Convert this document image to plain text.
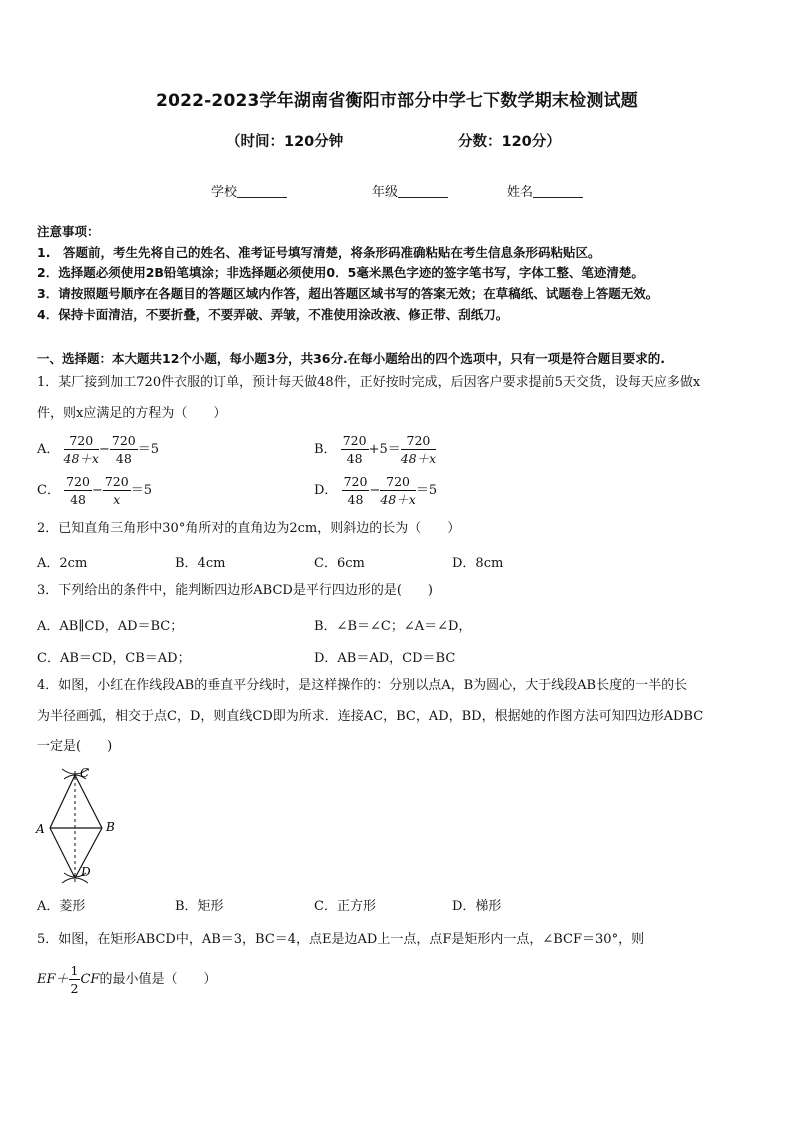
2022-2023学年湖南省衡阳市部分中学七下数学期末检测试题
（时间：120分钟	分数：120分）
学校	年级	姓名
注意事项：
1.　答题前，考生先将自己的姓名、准考证号填写清楚，将条形码准确粘贴在考生信息条形码粘贴区。
2．选择题必须使用2B铅笔填涂；非选择题必须使用0．5毫米黑色字迹的签字笔书写，字体工整、笔迹清楚。
3．请按照题号顺序在各题目的答题区域内作答，超出答题区域书写的答案无效；在草稿纸、试题卷上答题无效。
4．保持卡面清洁，不要折叠，不要弄破、弄皱，不准使用涂改液、修正带、刮纸刀。
一、选择题：本大题共12个小题，每小题3分，共36分.在每小题给出的四个选项中，只有一项是符合题目要求的.
1．某厂接到加工720件衣服的订单，预计每天做48件，正好按时完成，后因客户要求提前5天交货，设每天应多做x
件，则x应满足的方程为（　　）
A． $\frac{720}{48+x} - \frac{720}{48} =5$	B． $\frac{720}{48} +5= \frac{720}{48+x}$
C． $\frac{720}{48} - \frac{720}{x} =5$	D． $\frac{720}{48} - \frac{720}{48+x} =5$
2．已知直角三角形中30°角所对的直角边为2cm，则斜边的长为（　　）
A．2cm	B．4cm	C．6cm	D．8cm
3．下列给出的条件中，能判断四边形ABCD是平行四边形的是(　　)
A．AB∥CD，AD＝BC；	B．∠B＝∠C；∠A＝∠D，
C．AB＝CD，CB＝AD；	D．AB＝AD，CD＝BC
4．如图，小红在作线段AB的垂直平分线时，是这样操作的：分别以点A，B为圆心，大于线段AB长度的一半的长
为半径画弧，相交于点C，D，则直线CD即为所求．连接AC，BC，AD，BD，根据她的作图方法可知四边形ADBC
一定是(　　)
C
A	B
D
A．菱形	B．矩形	C．正方形	D．梯形
5．如图，在矩形ABCD中，AB＝3，BC＝4，点E是边AD上一点，点F是矩形内一点，∠BCF＝30°，则
$EF+ \frac{1}{2}$ CF的最小值是（　　）
